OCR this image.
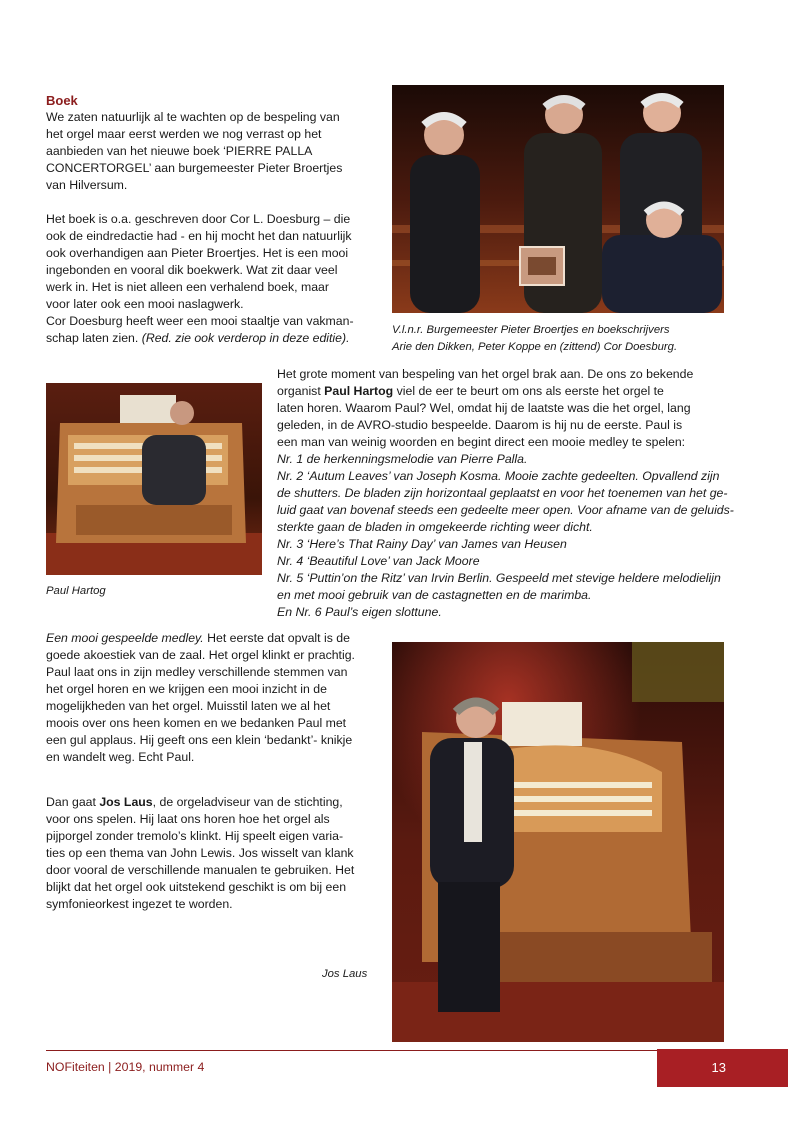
Boek

We zaten natuurlijk al te wachten op de bespeling van

het orgel maar eerst werden we nog verrast op het

aanbieden van het nieuwe boek ‘PIERRE PALLA

CONCERTORGEL’ aan burgemeester Pieter Broertjes

van Hilversum.

Het boek is o.a. geschreven door Cor L. Doesburg – die

ook de eindredactie had - en hij mocht het dan natuurlijk

ook overhandigen aan Pieter Broertjes. Het is een mooi

ingebonden en vooral dik boekwerk. Wat zit daar veel

werk in. Het is niet alleen een verhalend boek, maar

voor later ook een mooi naslagwerk.

Cor Doesburg heeft weer een mooi staaltje van vakman-

schap laten zien. (Red. zie ook verderop in deze editie).

V.l.n.r. Burgemeester Pieter Broertjes en boekschrijvers

Arie den Dikken, Peter Koppe en (zittend) Cor Doesburg.

Paul Hartog

Het grote moment van bespeling van het orgel brak aan. De ons zo bekende

organist Paul Hartog viel de eer te beurt om ons als eerste het orgel te

laten horen. Waarom Paul? Wel, omdat hij de laatste was die het orgel, lang

geleden, in de AVRO-studio bespeelde. Daarom is hij nu de eerste. Paul is

een man van weinig woorden en begint direct een mooie medley te spelen:

Nr. 1 de herkenningsmelodie van Pierre Palla.

Nr. 2 ‘Autum Leaves’ van Joseph Kosma. Mooie zachte gedeelten. Opvallend zijn

de shutters. De bladen zijn horizontaal geplaatst en voor het toenemen van het ge-

luid gaat van bovenaf steeds een gedeelte meer open. Voor afname van de geluids-

sterkte gaan de bladen in omgekeerde richting weer dicht.

Nr. 3 ‘Here’s That Rainy Day’ van James van Heusen

Nr. 4 ‘Beautiful Love’ van Jack Moore

Nr. 5 ‘Puttin’on the Ritz’ van Irvin Berlin. Gespeeld met stevige heldere melodielijn

en met mooi gebruik van de castagnetten en de marimba.

En Nr. 6 Paul’s eigen slottune.

Een mooi gespeelde medley. Het eerste dat opvalt is de

goede akoestiek van de zaal. Het orgel klinkt er prachtig.

Paul laat ons in zijn medley verschillende stemmen van

het orgel horen en we krijgen een mooi inzicht in de

mogelijkheden van het orgel. Muisstil laten we al het

moois over ons heen komen en we bedanken Paul met

een gul applaus. Hij geeft ons een klein ‘bedankt’- knikje

en wandelt weg. Echt Paul.

Dan gaat Jos Laus, de orgeladviseur van de stichting,

voor ons spelen. Hij laat ons horen hoe het orgel als

pijporgel zonder tremolo’s klinkt. Hij speelt eigen varia-

ties op een thema van John Lewis. Jos wisselt van klank

door vooral de verschillende manualen te gebruiken. Het

blijkt dat het orgel ook uitstekend geschikt is om bij een

symfonieorkest ingezet te worden.

Jos Laus
NOFiteiten | 2019, nummer 4	13
